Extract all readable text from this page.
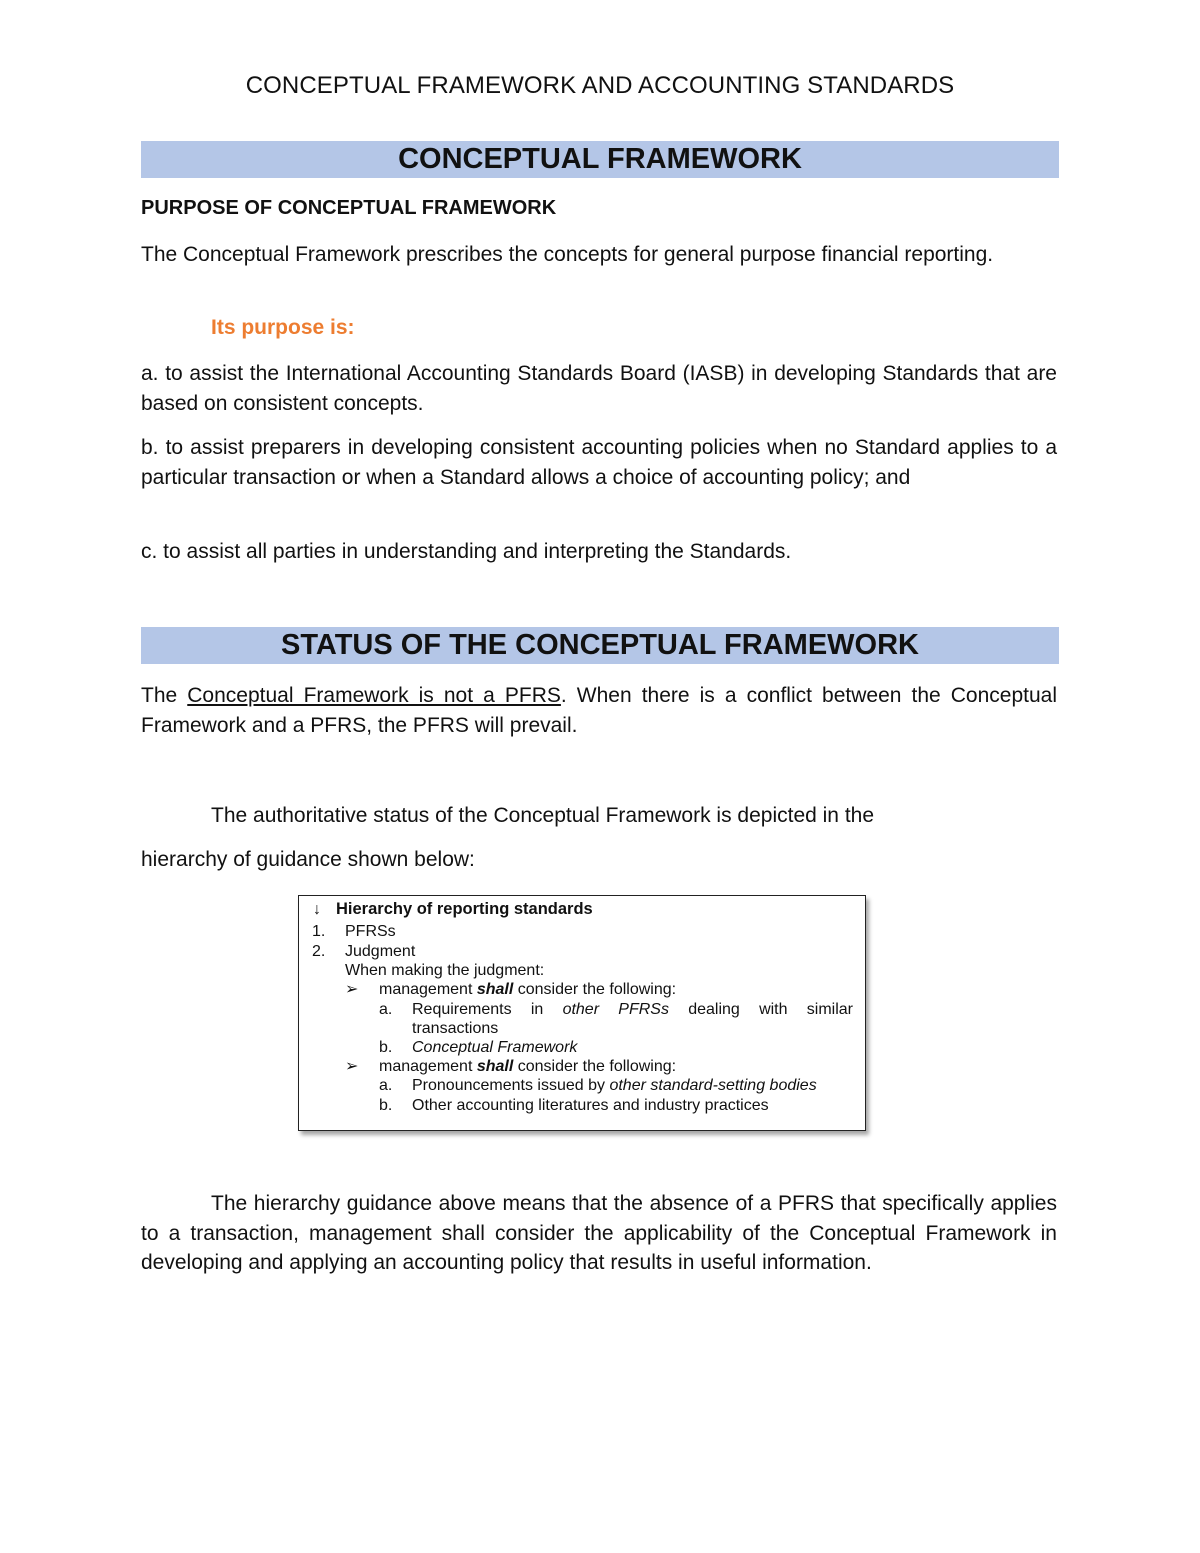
CONCEPTUAL FRAMEWORK AND ACCOUNTING STANDARDS
CONCEPTUAL FRAMEWORK
PURPOSE OF CONCEPTUAL FRAMEWORK
The Conceptual Framework prescribes the concepts for general purpose financial reporting.
Its purpose is:
a. to assist the International Accounting Standards Board (IASB) in developing Standards that are based on consistent concepts.
b. to assist preparers in developing consistent accounting policies when no Standard applies to a particular transaction or when a Standard allows a choice of accounting policy; and
c. to assist all parties in understanding and interpreting the Standards.
STATUS OF THE CONCEPTUAL FRAMEWORK
The Conceptual Framework is not a PFRS. When there is a conflict between the Conceptual Framework and a PFRS, the PFRS will prevail.
The authoritative status of the Conceptual Framework is depicted in the
hierarchy of guidance shown below:
↓ Hierarchy of reporting standards
1. PFRSs
2. Judgment
When making the judgment:
➢ management shall consider the following:
a. Requirements in other PFRSs dealing with similar
transactions
b. Conceptual Framework
➢ management shall consider the following:
a. Pronouncements issued by other standard-setting bodies
b. Other accounting literatures and industry practices
The hierarchy guidance above means that the absence of a PFRS that specifically applies to a transaction, management shall consider the applicability of the Conceptual Framework in developing and applying an accounting policy that results in useful information.
